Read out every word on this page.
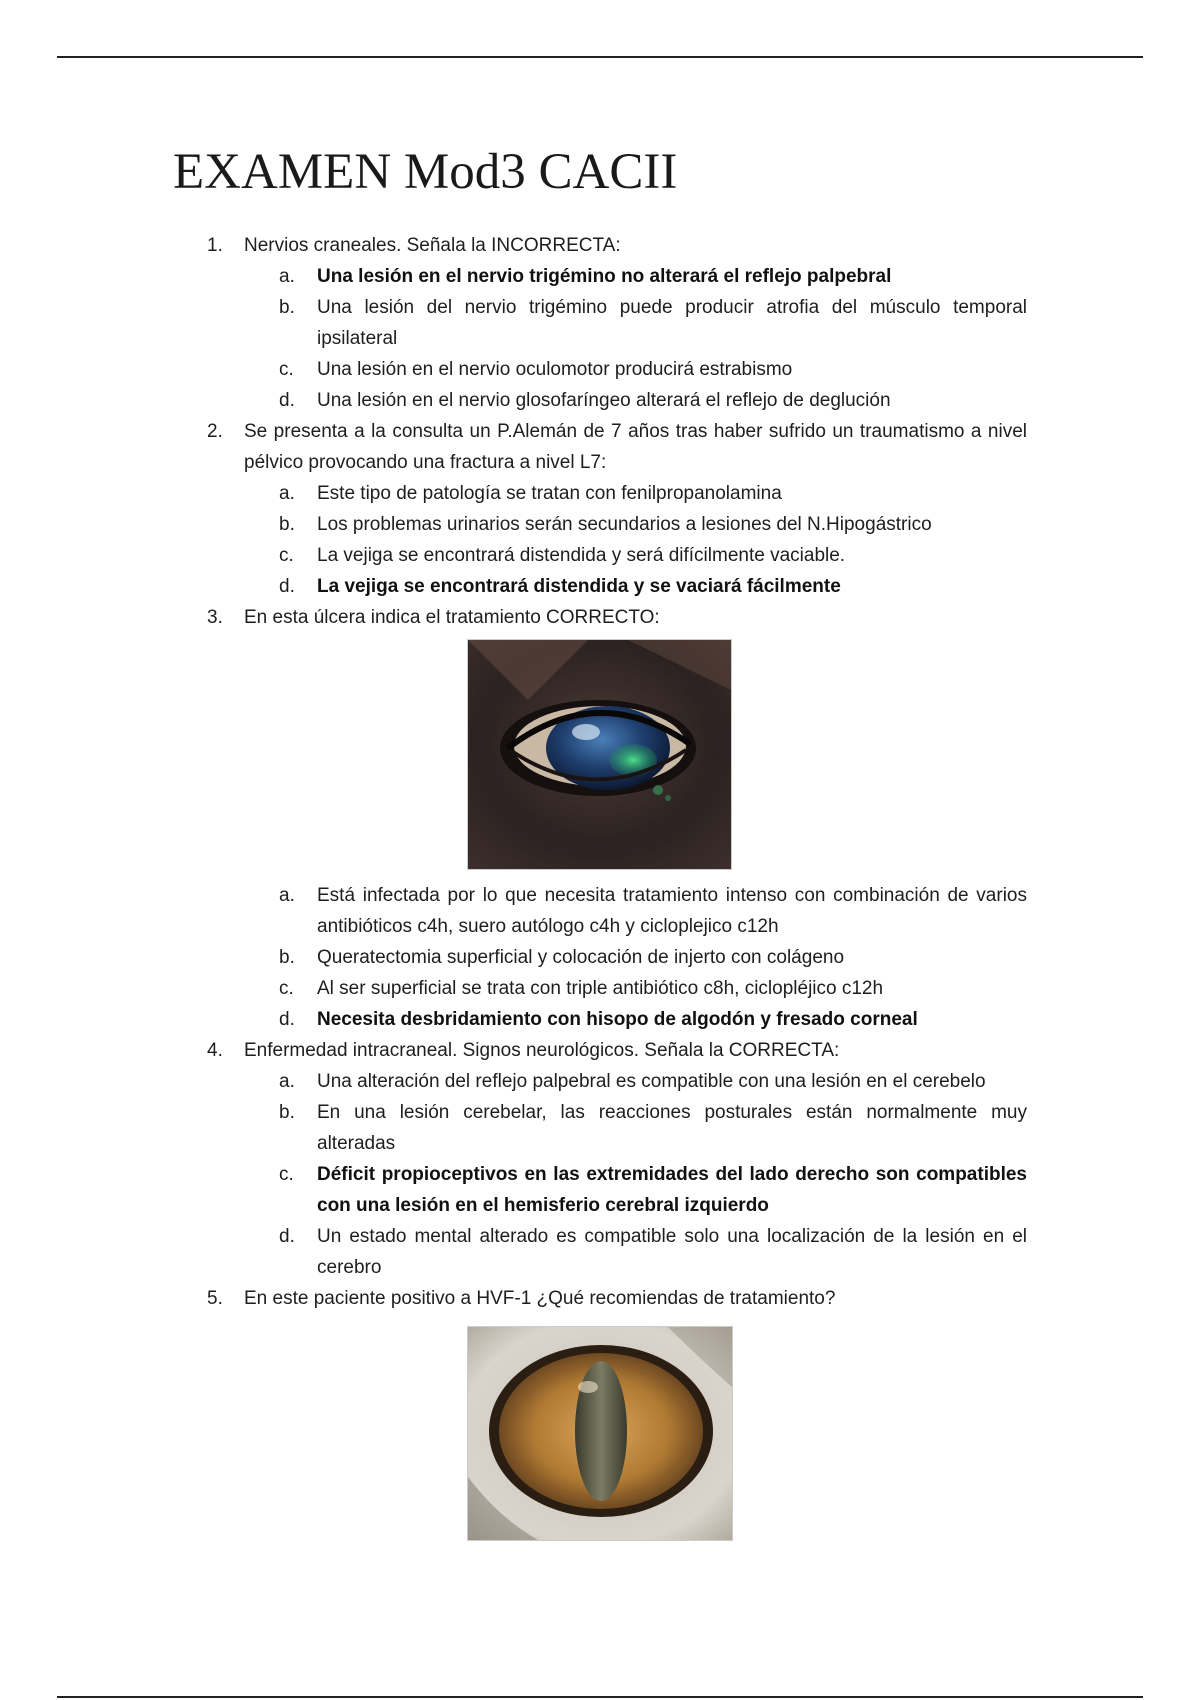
EXAMEN Mod3 CACII
1. Nervios craneales. Señala la INCORRECTA:
a. Una lesión en el nervio trigémino no alterará el reflejo palpebral
b. Una lesión del nervio trigémino puede producir atrofia del músculo temporal ipsilateral
c. Una lesión en el nervio oculomotor producirá estrabismo
d. Una lesión en el nervio glosofaríngeo alterará el reflejo de deglución
2. Se presenta a la consulta un P.Alemán de 7 años tras haber sufrido un traumatismo a nivel pélvico provocando una fractura a nivel L7:
a. Este tipo de patología se tratan con fenilpropanolamina
b. Los problemas urinarios serán secundarios a lesiones del N.Hipogástrico
c. La vejiga se encontrará distendida y será difícilmente vaciable.
d. La vejiga se encontrará distendida y se vaciará fácilmente
3. En esta úlcera indica el tratamiento CORRECTO:
a. Está infectada por lo que necesita tratamiento intenso con combinación de varios antibióticos c4h, suero autólogo c4h y cicloplejico c12h
b. Queratectomia superficial y colocación de injerto con colágeno
c. Al ser superficial se trata con triple antibiótico c8h, ciclopléjico c12h
d. Necesita desbridamiento con hisopo de algodón y fresado corneal
4. Enfermedad intracraneal. Signos neurológicos. Señala la CORRECTA:
a. Una alteración del reflejo palpebral es compatible con una lesión en el cerebelo
b. En una lesión cerebelar, las reacciones posturales están normalmente muy alteradas
c. Déficit propioceptivos en las extremidades del lado derecho son compatibles con una lesión en el hemisferio cerebral izquierdo
d. Un estado mental alterado es compatible solo una localización de la lesión en el cerebro
5. En este paciente positivo a HVF-1 ¿Qué recomiendas de tratamiento?
